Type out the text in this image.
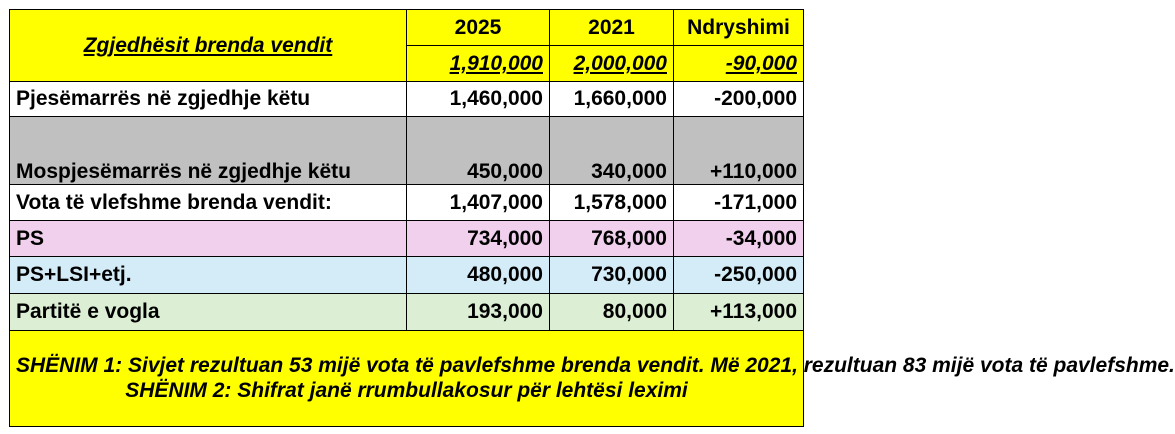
Zgjedhësit brenda vendit	2025	2021	Ndryshimi
	1,910,000	2,000,000	-90,000
Pjesëmarrës në zgjedhje këtu	1,460,000	1,660,000	-200,000
Mospjesëmarrës në zgjedhje këtu	450,000	340,000	+110,000
Vota të vlefshme brenda vendit:	1,407,000	1,578,000	-171,000
PS	734,000	768,000	-34,000
PS+LSI+etj.	480,000	730,000	-250,000
Partitë e vogla	193,000	80,000	+113,000

SHËNIM 1: Sivjet rezultuan 53 mijë vota të pavlefshme brenda vendit. Më 2021, rezultuan 83 mijë vota të pavlefshme.
SHËNIM 2: Shifrat janë rrumbullakosur për lehtësi leximi			
